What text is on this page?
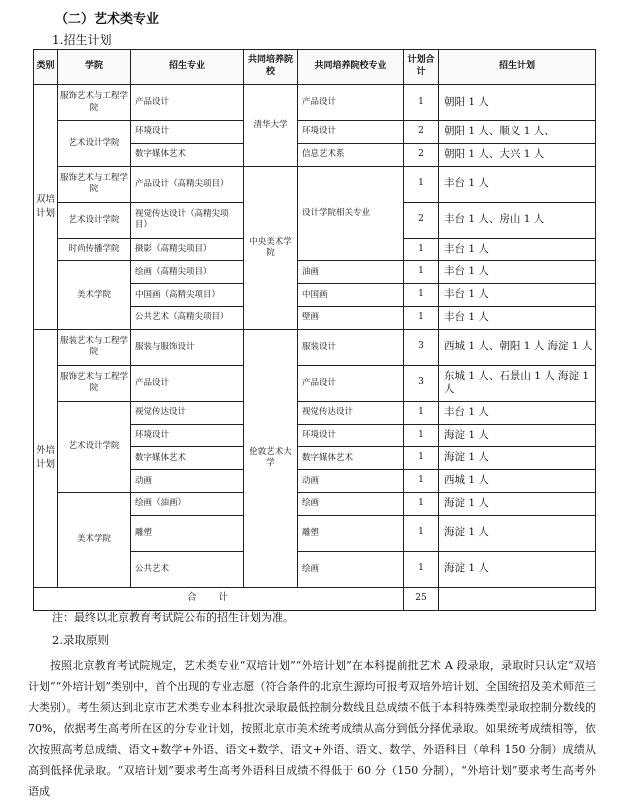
（二）艺术类专业
1.招生计划
类别	学院	招生专业	共同培养院校	共同培养院校专业	计划合计	招生计划

双培计划	服饰艺术与工程学院	产品设计	清华大学	产品设计	1	朝阳 1 人
	艺术设计学院	环境设计		环境设计	2	朝阳 1 人、顺义 1 人、
		数字媒体艺术		信息艺术系	2	朝阳 1 人、大兴 1 人
	服饰艺术与工程学院	产品设计（高精尖项目）	中央美术学院	设计学院相关专业	1	丰台 1 人
	艺术设计学院	视觉传达设计（高精尖项目）			2	丰台 1 人、房山 1 人
	时尚传播学院	摄影（高精尖项目）			1	丰台 1 人
	美术学院	绘画（高精尖项目）		油画	1	丰台 1 人
		中国画（高精尖项目）		中国画	1	丰台 1 人
		公共艺术（高精尖项目）		壁画	1	丰台 1 人

外培计划	服装艺术与工程学院	服装与服饰设计	伦敦艺术大学	服装设计	3	西城 1 人、朝阳 1 人 海淀 1 人
	服饰艺术与工程学院	产品设计		产品设计	3	东城 1 人、石景山 1 人 海淀 1 人
	艺术设计学院	视觉传达设计		视觉传达设计	1	丰台 1 人
		环境设计		环境设计	1	海淀 1 人
		数字媒体艺术		数字媒体艺术	1	海淀 1 人
		动画		动画	1	西城 1 人
	美术学院	绘画（油画）		绘画	1	海淀 1 人
		雕塑		雕塑	1	海淀 1 人
		公共艺术		绘画	1	海淀 1 人
合计					25	
注：最终以北京教育考试院公布的招生计划为准。
2.录取原则
按照北京教育考试院规定，艺术类专业“双培计划”“外培计划”在本科提前批艺术 A 段录取，录取时只认定“双培计划”“外培计划”类别中，首个出现的专业志愿（符合条件的北京生源均可报考双培外培计划、全国统招及美术师范三大类别）。考生须达到北京市艺术类专业本科批次录取最低控制分数线且总成绩不低于本科特殊类型录取控制分数线的 70%，依据考生高考所在区的分专业计划，按照北京市美术统考成绩从高分到低分择优录取。如果统考成绩相等，依次按照高考总成绩、语文+数学+外语、语文+数学、语文+外语、语文、数学、外语科目（单科 150 分制）成绩从高到低择优录取。“双培计划”要求考生高考外语科目成绩不得低于 60 分（150 分制），“外培计划”要求考生高考外语成
